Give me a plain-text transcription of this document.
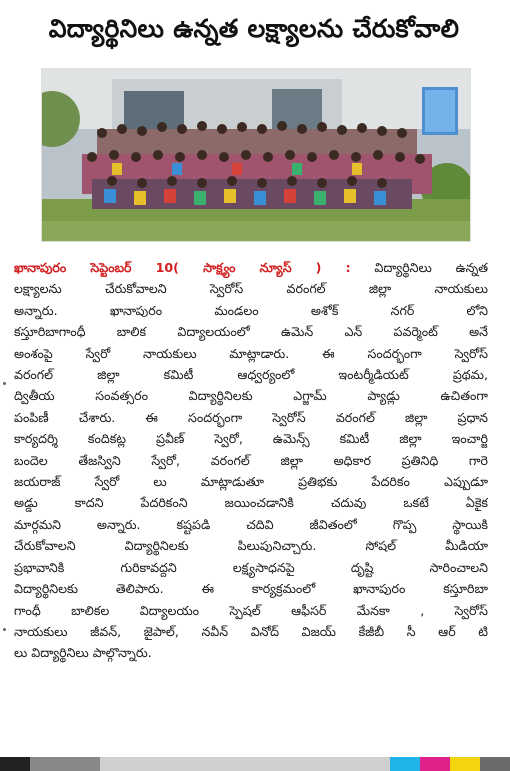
విద్యార్థినిలు ఉన్నత లక్ష్యాలను చేరుకోవాలి
ఖానాపురం సెప్టెంబర్ 10( సాక్ష్యం న్యూస్ ) : విద్యార్థినిలు ఉన్నత
లక్ష్యాలను చేరుకోవాలని స్వెరోస్ వరంగల్ జిల్లా నాయకులు
అన్నారు. ఖానాపురం మండలం అశోక్ నగర్ లోని
కస్తూరిబాగాంధీ బాలిక విద్యాలయంలో ఉమెన్ ఎన్ పవర్మెంట్ అనే
అంశంపై స్వేరో నాయకులు మాట్లాడారు. ఈ సందర్భంగా స్వెరోస్
వరంగల్ జిల్లా కమిటీ ఆధ్వర్యంలో ఇంటర్మీడియట్ ప్రథమ,
ద్వితీయ సంవత్సరం విద్యార్థినిలకు ఎగ్జామ్ ప్యాడ్లు ఉచితంగా
పంపిణీ చేశారు. ఈ సందర్భంగా స్వెరోస్ వరంగల్ జిల్లా ప్రధాన
కార్యదర్శి కందికట్ల ప్రవీణ్ స్వెరో, ఉమెన్స్ కమిటీ జిల్లా ఇంచార్జి
బందెల తేజస్విని స్వేరో, వరంగల్ జిల్లా అధికార ప్రతినిధి గారె
జయరాజ్ స్వేరో లు మాట్లాడుతూ ప్రతిభకు పేదరికం ఎప్పుడూ
అడ్డు కాదని పేదరికంని జయించడానికి చదువు ఒకటే ఏకైక
మార్గమని అన్నారు. కష్టపడి చదివి జీవితంలో గొప్ప స్థాయికి
చేరుకోవాలని విద్యార్థినిలకు పిలుపునిచ్చారు. సోషల్ మీడియా
ప్రభావానికి గురికావద్దని లక్ష్యసాధనపై దృష్టి సారించాలని
విద్యార్థినిలకు తెలిపారు. ఈ కార్యక్రమంలో ఖానాపురం కస్తూరిబా
గాంధీ బాలికల విద్యాలయం స్పెషల్ ఆఫీసర్ మేనకా , స్వెరోస్
నాయకులు జీవన్, జైపాల్, నవీన్ వినోద్ విజయ్ కేజీబీ సీ ఆర్ టి
లు విద్యార్థినిలు పాల్గొన్నారు.
